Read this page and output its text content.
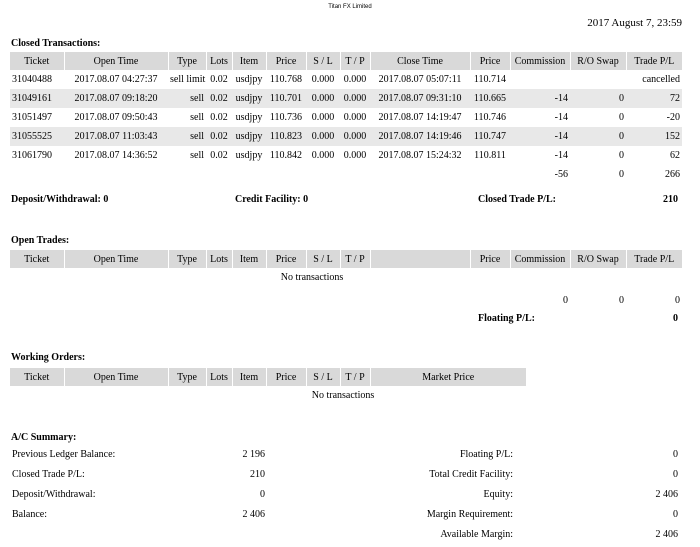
Titan FX Limited
2017 August 7, 23:59
Closed Transactions:
Ticket	Open Time	Type	Lots	Item	Price	S / L	T / P	Close Time	Price	Commission	R/O Swap	Trade P/L
31040488	2017.08.07 04:27:37	sell limit	0.02	usdjpy	110.768	0.000	0.000	2017.08.07 05:07:11	110.714			cancelled
31049161	2017.08.07 09:18:20	sell	0.02	usdjpy	110.701	0.000	0.000	2017.08.07 09:31:10	110.665	-14	0	72
31051497	2017.08.07 09:50:43	sell	0.02	usdjpy	110.736	0.000	0.000	2017.08.07 14:19:47	110.746	-14	0	-20
31055525	2017.08.07 11:03:43	sell	0.02	usdjpy	110.823	0.000	0.000	2017.08.07 14:19:46	110.747	-14	0	152
31061790	2017.08.07 14:36:52	sell	0.02	usdjpy	110.842	0.000	0.000	2017.08.07 15:24:32	110.811	-14	0	62
										-56	0	266
Deposit/Withdrawal: 0	Credit Facility: 0	Closed Trade P/L:	210
Open Trades:
Ticket	Open Time	Type	Lots	Item	Price	S / L	T / P		Price	Commission	R/O Swap	Trade P/L
No transactions												

										0	0	0
Floating P/L:	0
Working Orders:
Ticket	Open Time	Type	Lots	Item	Price	S / L	T / P	Market Price
No transactions
A/C Summary:
Previous Ledger Balance:	2 196
Closed Trade P/L:	210
Deposit/Withdrawal:	0
Balance:	2 406
Floating P/L:	0
Total Credit Facility:	0
Equity:	2 406
Margin Requirement:	0
Available Margin:	2 406
